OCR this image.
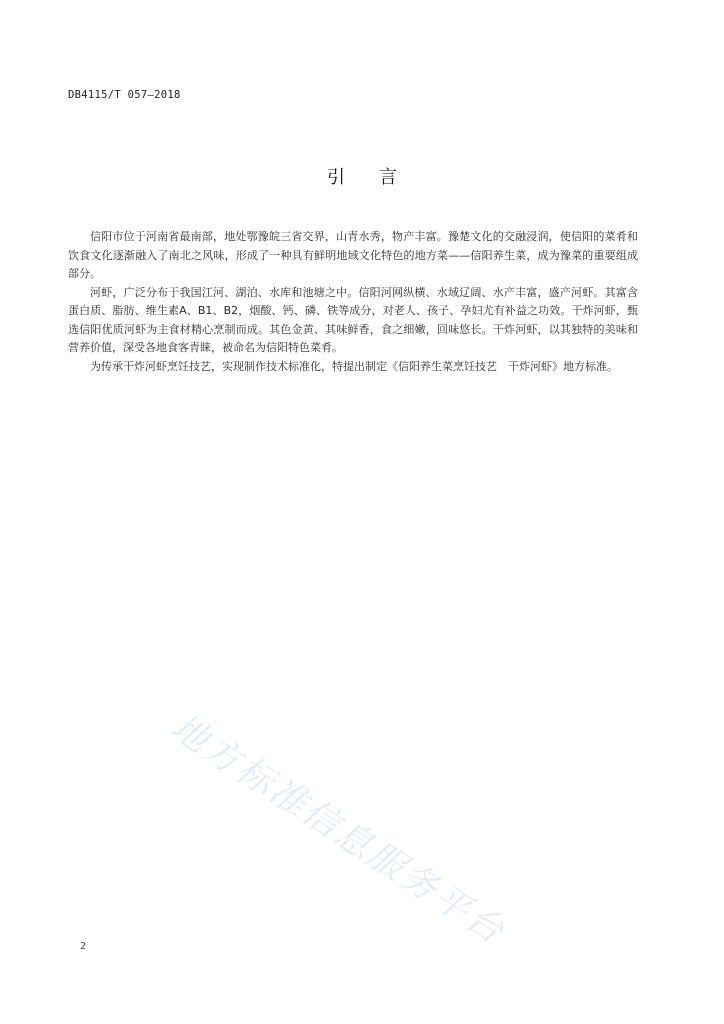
DB4115/T 057—2018
引言

信阳市位于河南省最南部，地处鄂豫皖三省交界，山青水秀，物产丰富。豫楚文化的交融浸润，使信阳的菜肴和饮食文化逐渐融入了南北之风味，形成了一种具有鲜明地域文化特色的地方菜——信阳养生菜，成为豫菜的重要组成部分。

河虾，广泛分布于我国江河、湖泊、水库和池塘之中。信阳河网纵横、水域辽阔、水产丰富，盛产河虾。其富含蛋白质、脂肪、维生素A、B1、B2，烟酸、钙、磷、铁等成分，对老人、孩子、孕妇尤有补益之功效。干炸河虾，甄选信阳优质河虾为主食材精心烹制而成。其色金黄、其味鲜香，食之细嫩，回味悠长。干炸河虾，以其独特的美味和营养价值，深受各地食客青睐，被命名为信阳特色菜肴。

为传承干炸河虾烹饪技艺，实现制作技术标准化，特提出制定《信阳养生菜烹饪技艺　干炸河虾》地方标准。

地方标准信息服务平台
2
